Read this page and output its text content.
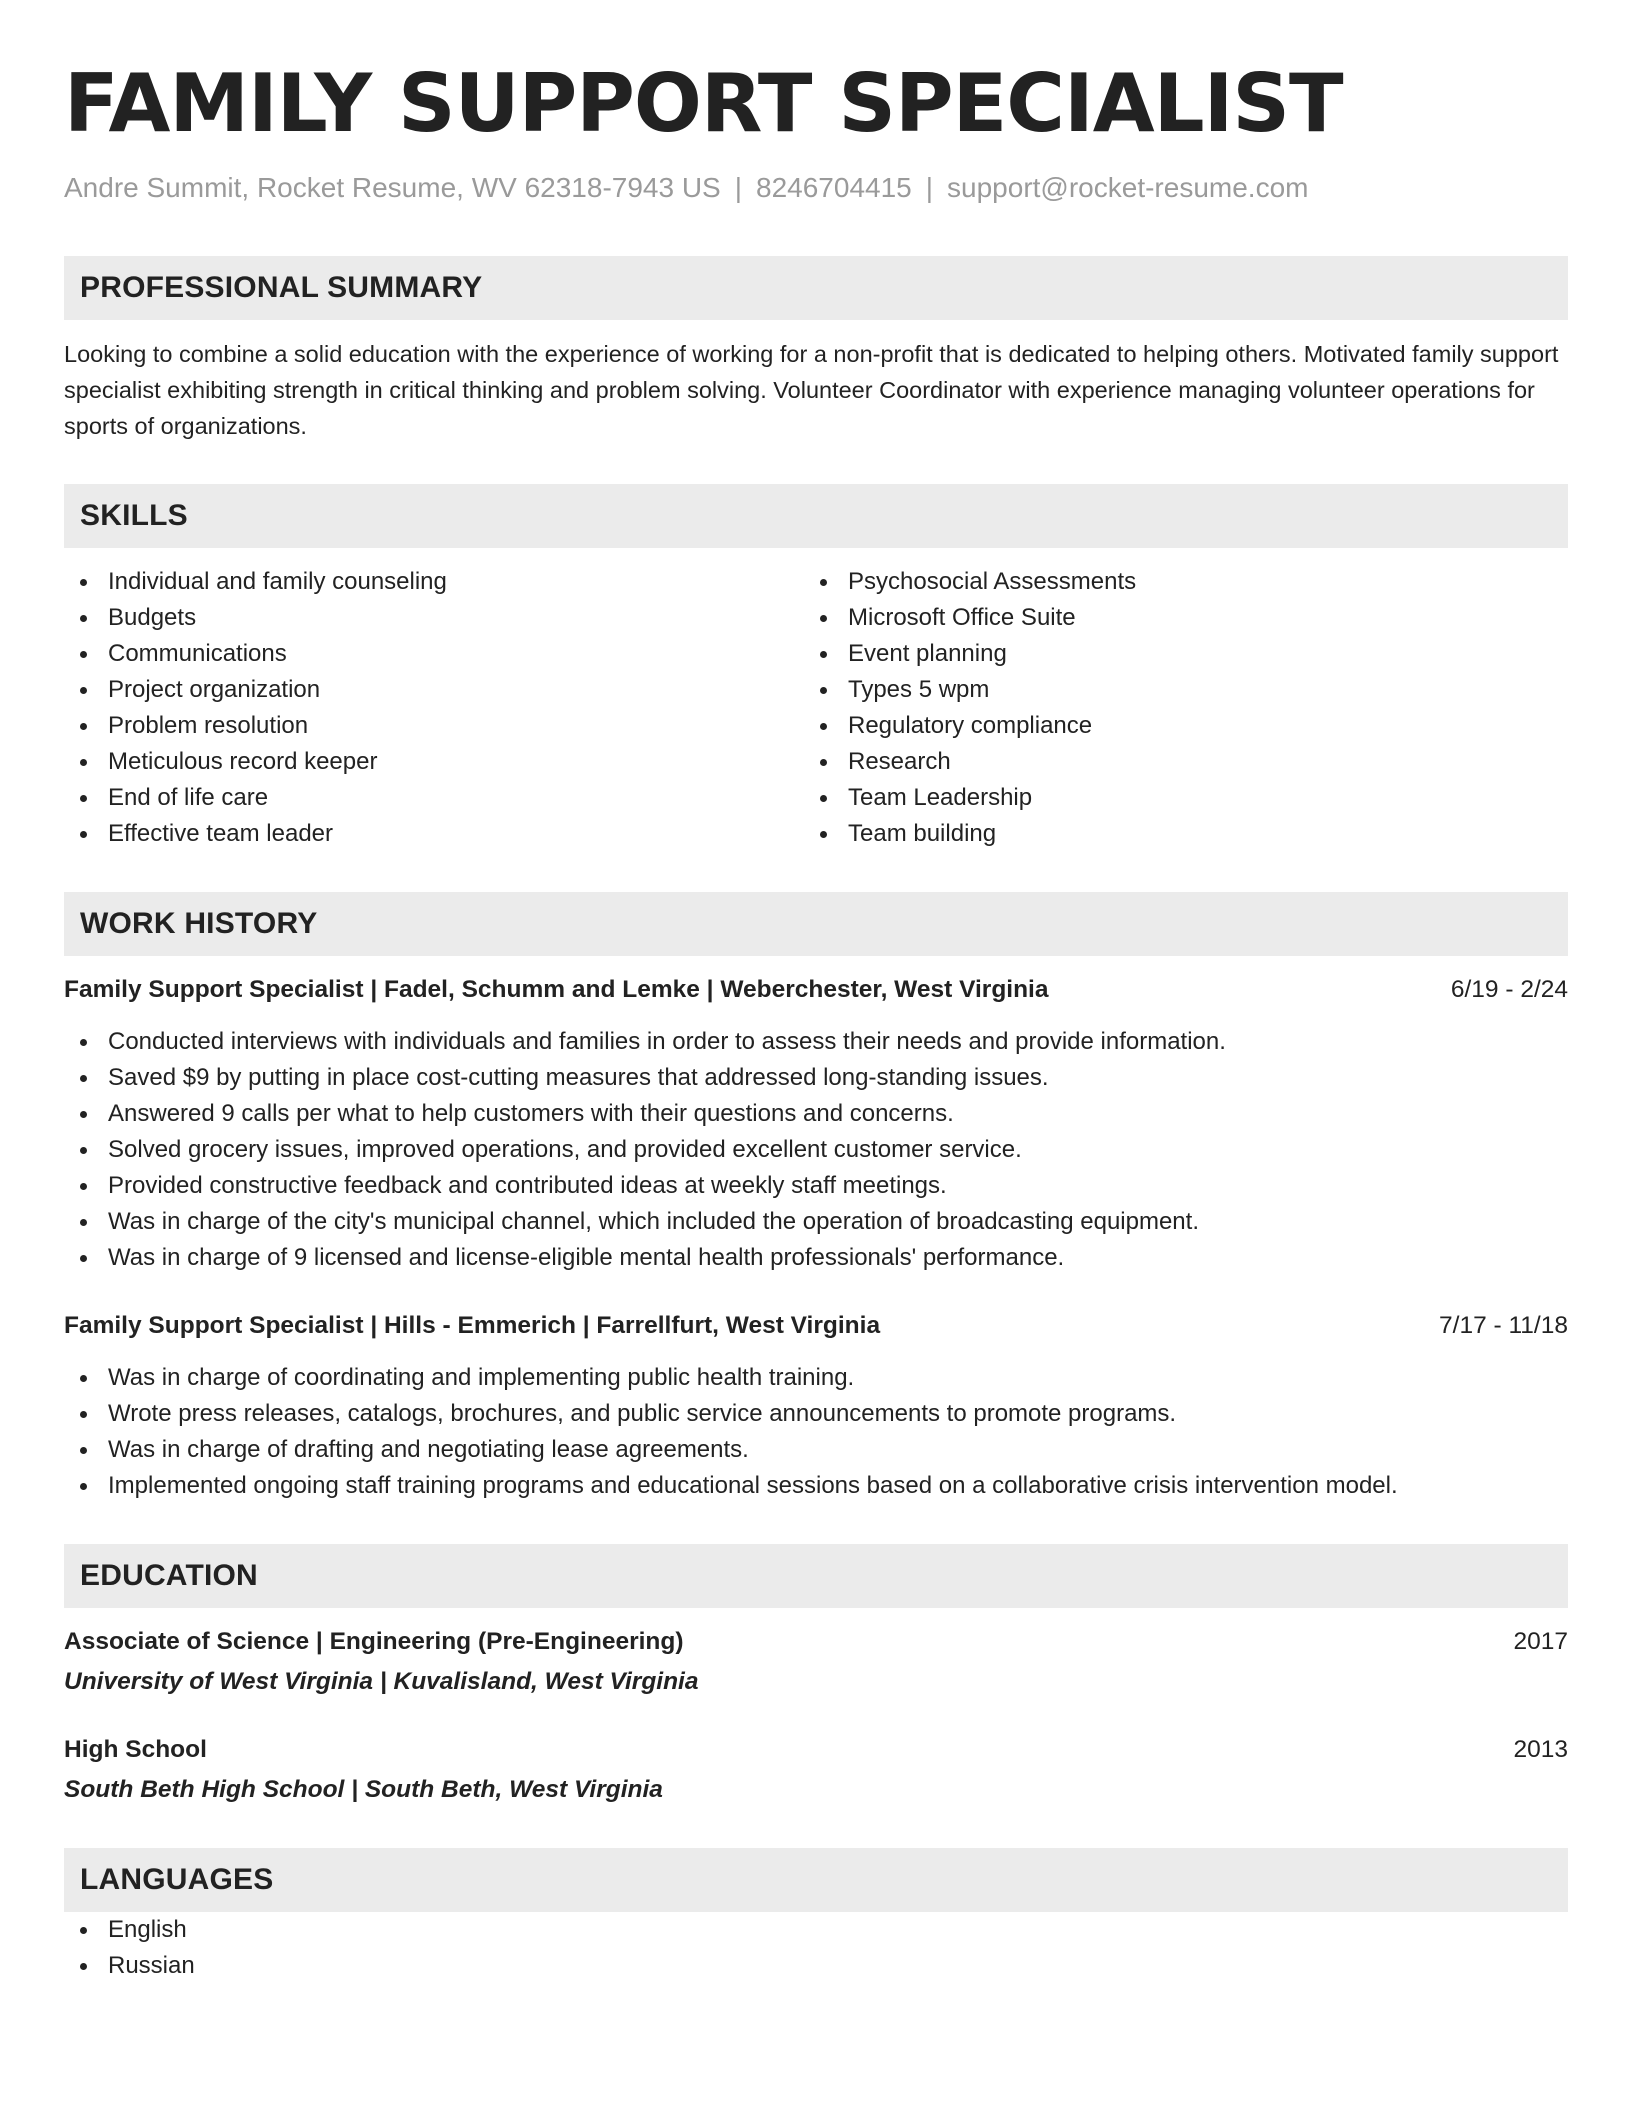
FAMILY SUPPORT SPECIALIST
Andre Summit, Rocket Resume, WV 62318-7943 US | 8246704415 | support@rocket-resume.com
PROFESSIONAL SUMMARY
Looking to combine a solid education with the experience of working for a non-profit that is dedicated to helping others. Motivated family support specialist exhibiting strength in critical thinking and problem solving. Volunteer Coordinator with experience managing volunteer operations for sports of organizations.
SKILLS
Individual and family counseling
Budgets
Communications
Project organization
Problem resolution
Meticulous record keeper
End of life care
Effective team leader
Psychosocial Assessments
Microsoft Office Suite
Event planning
Types 5 wpm
Regulatory compliance
Research
Team Leadership
Team building
WORK HISTORY
Family Support Specialist | Fadel, Schumm and Lemke | Weberchester, West Virginia	6/19 - 2/24
Conducted interviews with individuals and families in order to assess their needs and provide information.
Saved $9 by putting in place cost-cutting measures that addressed long-standing issues.
Answered 9 calls per what to help customers with their questions and concerns.
Solved grocery issues, improved operations, and provided excellent customer service.
Provided constructive feedback and contributed ideas at weekly staff meetings.
Was in charge of the city's municipal channel, which included the operation of broadcasting equipment.
Was in charge of 9 licensed and license-eligible mental health professionals' performance.
Family Support Specialist | Hills - Emmerich | Farrellfurt, West Virginia	7/17 - 11/18
Was in charge of coordinating and implementing public health training.
Wrote press releases, catalogs, brochures, and public service announcements to promote programs.
Was in charge of drafting and negotiating lease agreements.
Implemented ongoing staff training programs and educational sessions based on a collaborative crisis intervention model.
EDUCATION
Associate of Science | Engineering (Pre-Engineering)	2017
University of West Virginia | Kuvalisland, West Virginia
High School	2013
South Beth High School | South Beth, West Virginia
LANGUAGES
English
Russian
